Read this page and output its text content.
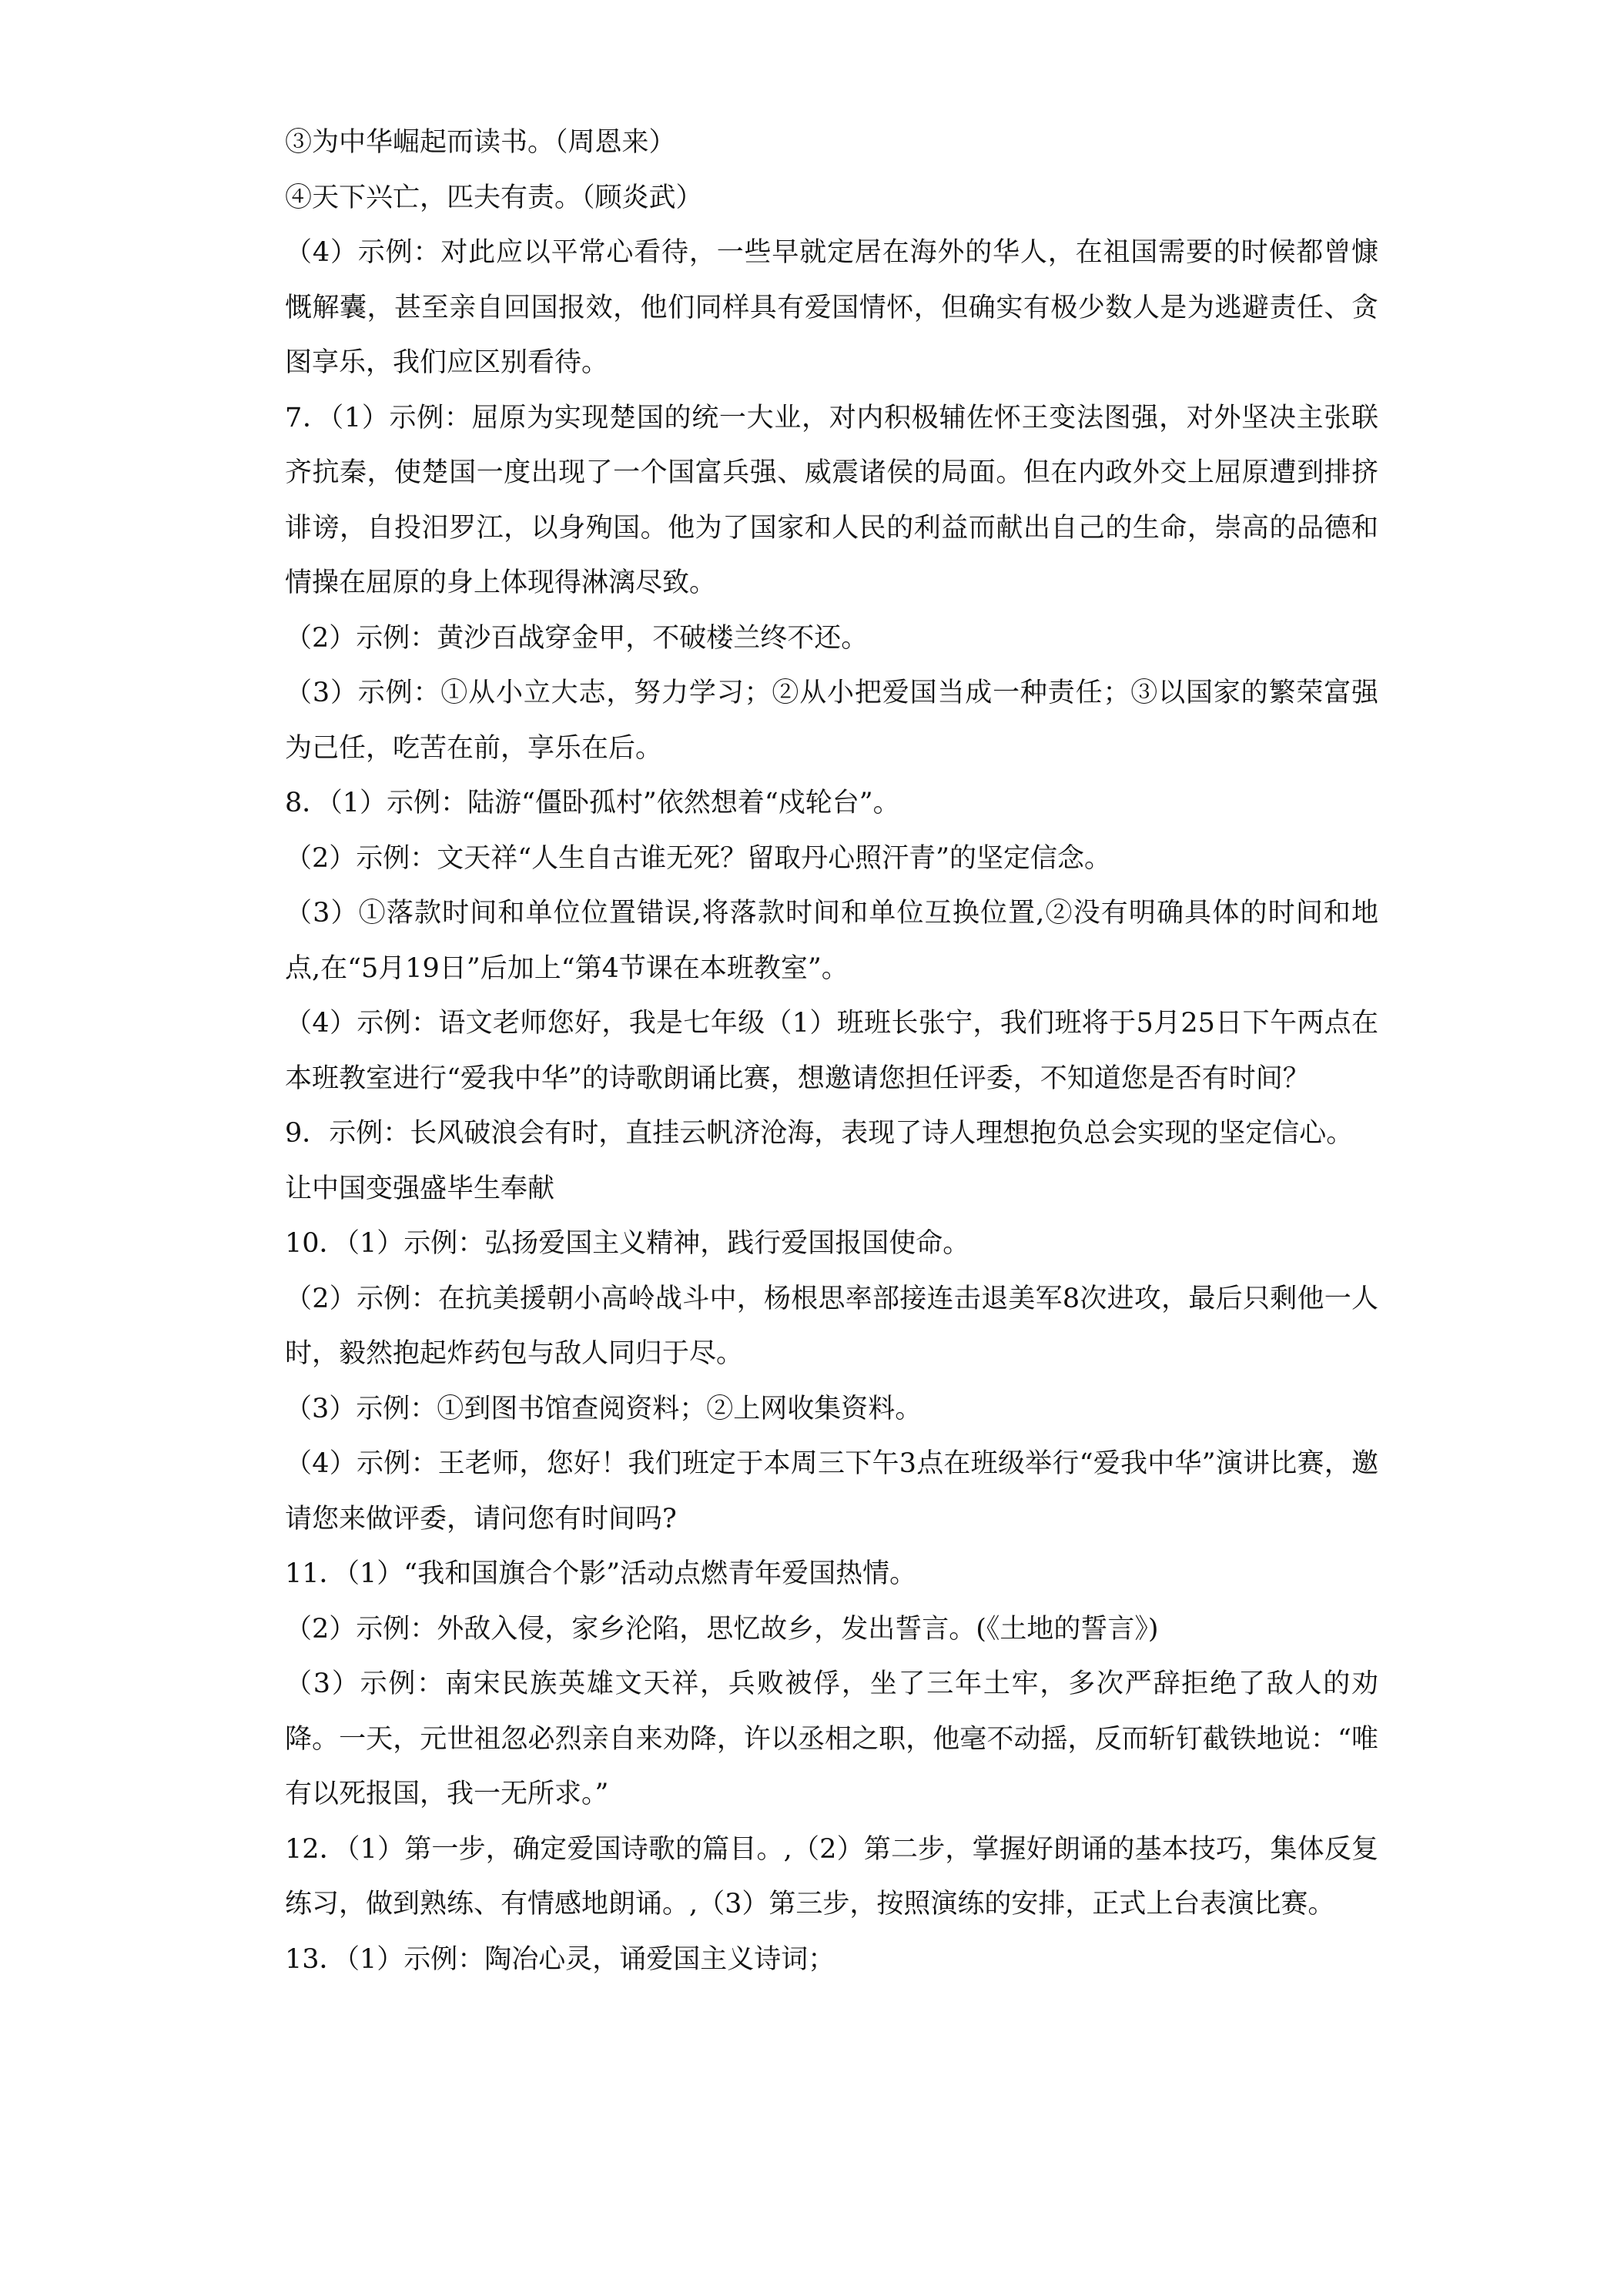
③为中华崛起而读书。（周恩来）

④天下兴亡，匹夫有责。（顾炎武）

（4）示例：对此应以平常心看待，一些早就定居在海外的华人，在祖国需要的时候都曾慷慨解囊，甚至亲自回国报效，他们同样具有爱国情怀，但确实有极少数人是为逃避责任、贪图享乐，我们应区别看待。

7．（1）示例：屈原为实现楚国的统一大业，对内积极辅佐怀王变法图强，对外坚决主张联齐抗秦，使楚国一度出现了一个国富兵强、威震诸侯的局面。但在内政外交上屈原遭到排挤诽谤，自投汨罗江，以身殉国。他为了国家和人民的利益而献出自己的生命，崇高的品德和情操在屈原的身上体现得淋漓尽致。

（2）示例：黄沙百战穿金甲，不破楼兰终不还。

（3）示例：①从小立大志，努力学习；②从小把爱国当成一种责任；③以国家的繁荣富强为己任，吃苦在前，享乐在后。

8．（1）示例：陆游“僵卧孤村”依然想着“戍轮台”。

（2）示例：文天祥“人生自古谁无死？留取丹心照汗青”的坚定信念。

（3）①落款时间和单位位置错误,将落款时间和单位互换位置,②没有明确具体的时间和地点,在“5月19日”后加上“第4节课在本班教室”。

（4）示例：语文老师您好，我是七年级（1）班班长张宁，我们班将于5月25日下午两点在本班教室进行“爱我中华”的诗歌朗诵比赛，想邀请您担任评委，不知道您是否有时间？

9．示例：长风破浪会有时，直挂云帆济沧海，表现了诗人理想抱负总会实现的坚定信心。

让中国变强盛毕生奉献

10．（1）示例：弘扬爱国主义精神，践行爱国报国使命。

（2）示例：在抗美援朝小高岭战斗中，杨根思率部接连击退美军8次进攻，最后只剩他一人时，毅然抱起炸药包与敌人同归于尽。

（3）示例：①到图书馆查阅资料；②上网收集资料。

（4）示例：王老师，您好！我们班定于本周三下午3点在班级举行“爱我中华”演讲比赛，邀请您来做评委，请问您有时间吗?

11．（1）“我和国旗合个影”活动点燃青年爱国热情。

（2）示例：外敌入侵，家乡沦陷，思忆故乡，发出誓言。(《土地的誓言》)

（3）示例：南宋民族英雄文天祥，兵败被俘，坐了三年土牢，多次严辞拒绝了敌人的劝降。一天，元世祖忽必烈亲自来劝降，许以丞相之职，他毫不动摇，反而斩钉截铁地说：“唯有以死报国，我一无所求。”

12．（1）第一步，确定爱国诗歌的篇目。,（2）第二步，掌握好朗诵的基本技巧，集体反复练习，做到熟练、有情感地朗诵。,（3）第三步，按照演练的安排，正式上台表演比赛。

13．（1）示例：陶冶心灵，诵爱国主义诗词；
